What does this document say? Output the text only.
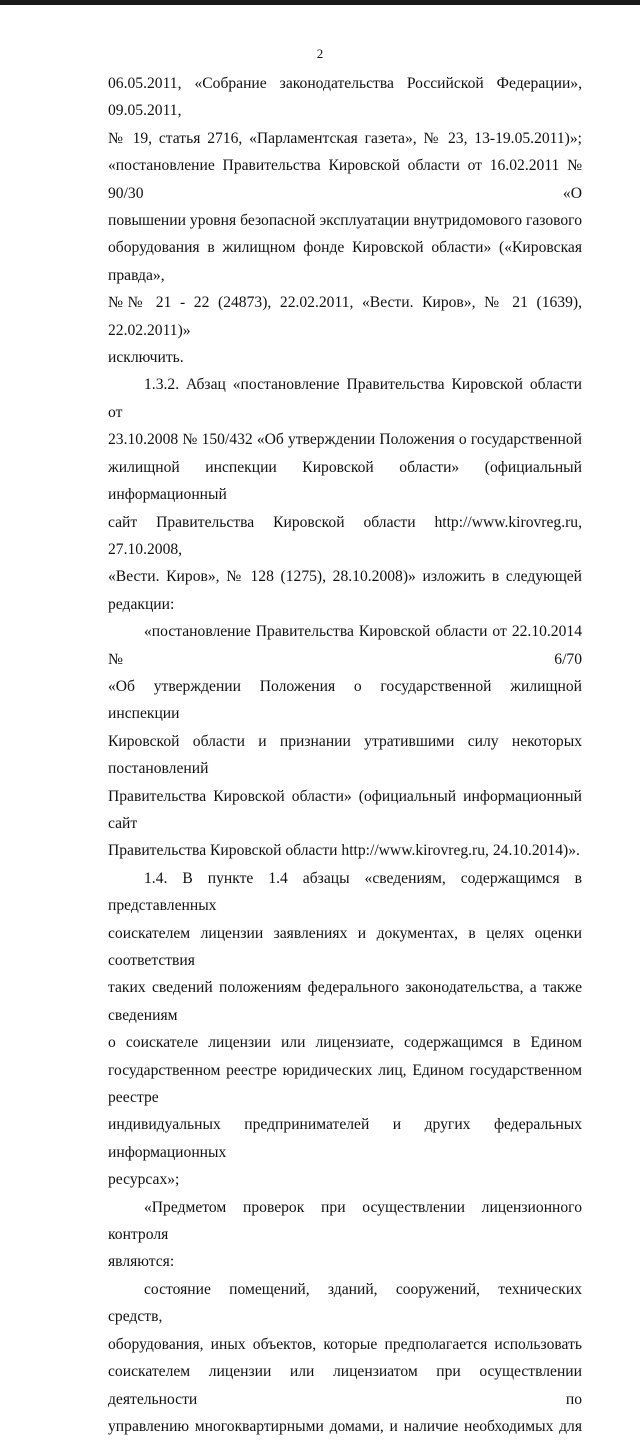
2

06.05.2011, «Собрание законодательства Российской Федерации», 09.05.2011,

№ 19, статья 2716, «Парламентская газета», № 23, 13-19.05.2011)»;

«постановление Правительства Кировской области от 16.02.2011 № 90/30 «О

повышении уровня безопасной эксплуатации внутридомового газового

оборудования в жилищном фонде Кировской области» («Кировская правда»,

№№ 21 - 22 (24873), 22.02.2011, «Вести. Киров», № 21 (1639), 22.02.2011)»

исключить.

1.3.2. Абзац «постановление Правительства Кировской области от

23.10.2008 № 150/432 «Об утверждении Положения о государственной

жилищной инспекции Кировской области» (официальный информационный

сайт Правительства Кировской области http://www.kirovreg.ru, 27.10.2008,

«Вести. Киров», № 128 (1275), 28.10.2008)» изложить в следующей редакции:

«постановление Правительства Кировской области от 22.10.2014 № 6/70

«Об утверждении Положения о государственной жилищной инспекции

Кировской области и признании утратившими силу некоторых постановлений

Правительства Кировской области» (официальный информационный сайт

Правительства Кировской области http://www.kirovreg.ru, 24.10.2014)».

1.4. В пункте 1.4 абзацы «сведениям, содержащимся в представленных

соискателем лицензии заявлениях и документах, в целях оценки соответствия

таких сведений положениям федерального законодательства, а также сведениям

о соискателе лицензии или лицензиате, содержащимся в Едином

государственном реестре юридических лиц, Едином государственном реестре

индивидуальных предпринимателей и других федеральных информационных

ресурсах»;

«Предметом проверок при осуществлении лицензионного контроля

являются:

состояние помещений, зданий, сооружений, технических средств,

оборудования, иных объектов, которые предполагается использовать

соискателем лицензии или лицензиатом при осуществлении деятельности по

управлению многоквартирными домами, и наличие необходимых для
